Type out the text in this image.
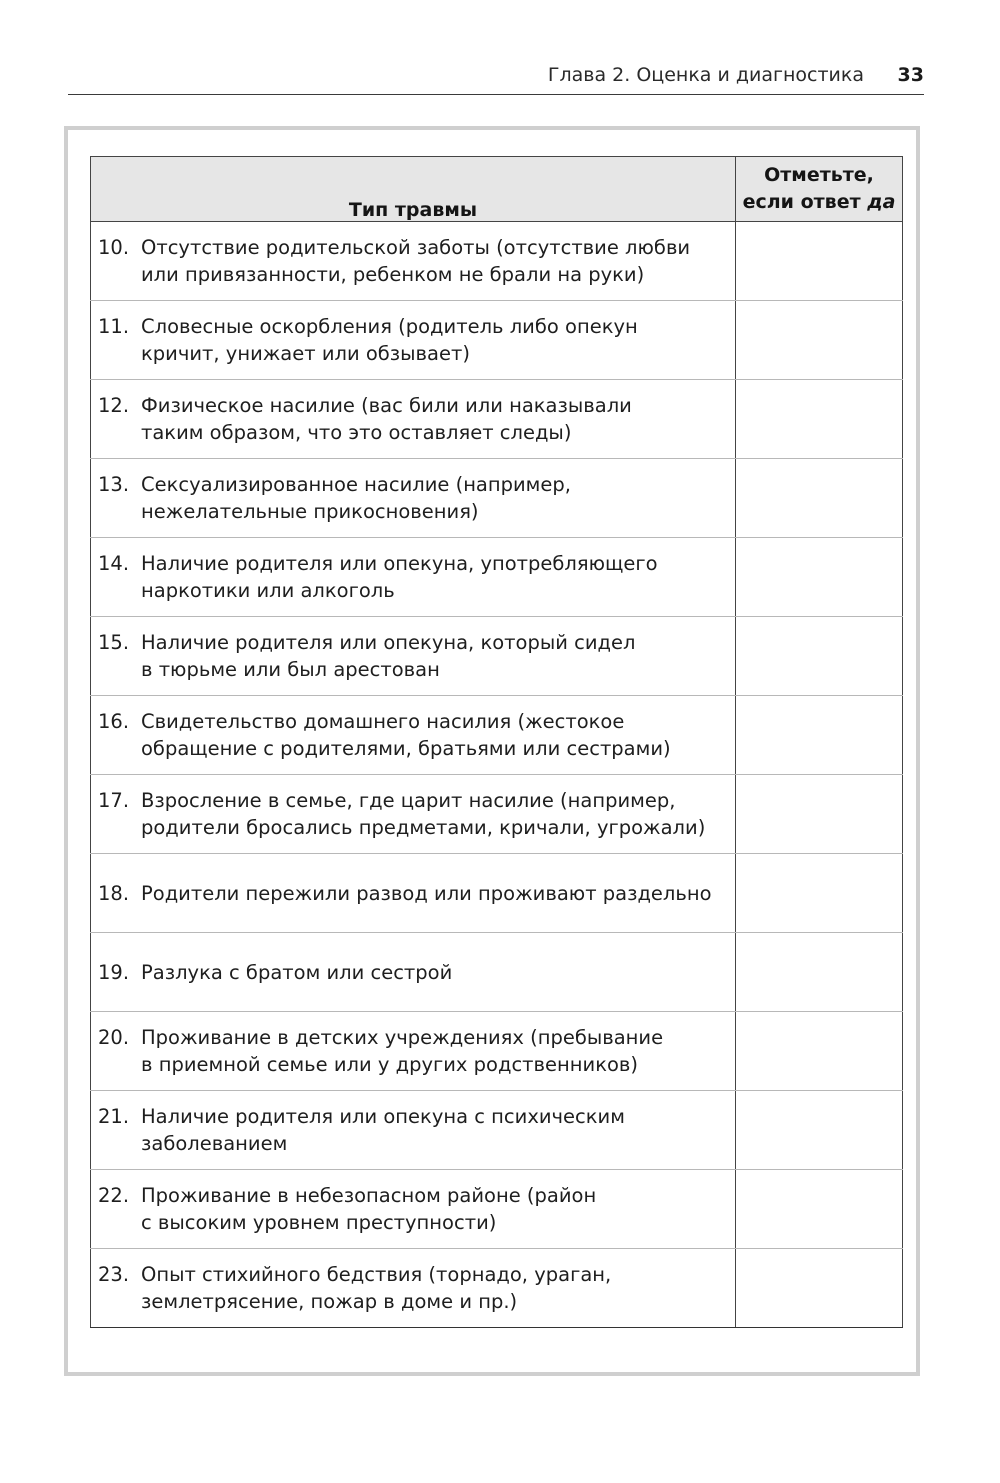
Глава 2. Оценка и диагностика 33
Тип травмы	Отметьте,
если ответ да

10. Отсутствие родительской заботы (отсутствие любви
или привязанности, ребенком не брали на руки)	

11. Словесные оскорбления (родитель либо опекун
кричит, унижает или обзывает)	

12. Физическое насилие (вас били или наказывали
таким образом, что это оставляет следы)	

13. Сексуализированное насилие (например,
нежелательные прикосновения)	

14. Наличие родителя или опекуна, употребляющего
наркотики или алкоголь	

15. Наличие родителя или опекуна, который сидел
в тюрьме или был арестован	

16. Свидетельство домашнего насилия (жестокое
обращение с родителями, братьями или сестрами)	

17. Взросление в семье, где царит насилие (например,
родители бросались предметами, кричали, угрожали)	

18. Родители пережили развод или проживают раздельно	

19. Разлука с братом или сестрой	

20. Проживание в детских учреждениях (пребывание
в приемной семье или у других родственников)	

21. Наличие родителя или опекуна с психическим
заболеванием	

22. Проживание в небезопасном районе (район
с высоким уровнем преступности)	

23. Опыт стихийного бедствия (торнадо, ураган,
землетрясение, пожар в доме и пр.)	
